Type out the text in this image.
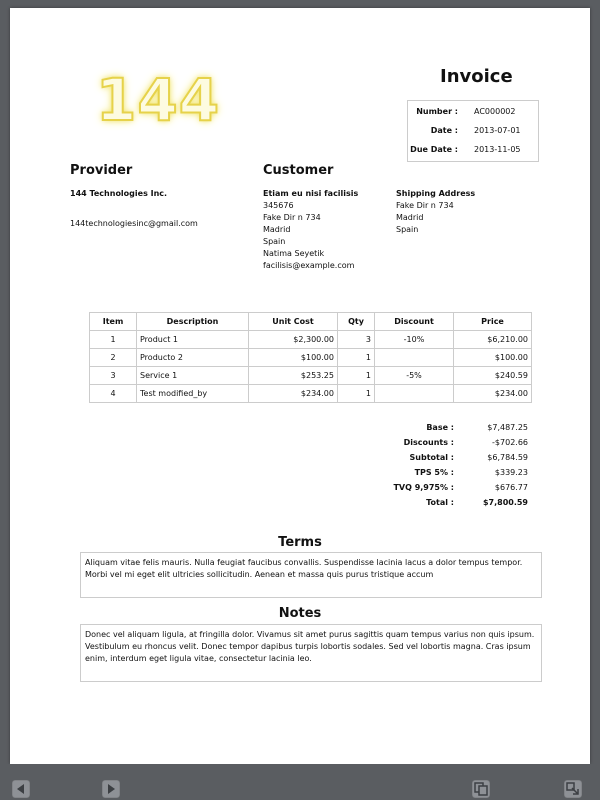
144	Invoice
Number : AC000002
Date : 2013-07-01
Due Date : 2013-11-05
Provider
144 Technologies Inc.
144technologiesinc@gmail.com
Customer
Etiam eu nisi facilisis
345676
Fake Dir n 734
Madrid
Spain
Natima Seyetik
facilisis@example.com
Shipping Address
Fake Dir n 734
Madrid
Spain
Item	Description	Unit Cost	Qty	Discount	Price
1	Product 1	$2,300.00	3	-10%	$6,210.00
2	Producto 2	$100.00	1		$100.00
3	Service 1	$253.25	1	-5%	$240.59
4	Test modified_by	$234.00	1		$234.00
Base :	$7,487.25
Discounts :	-$702.66
Subtotal :	$6,784.59
TPS 5% :	$339.23
TVQ 9,975% :	$676.77
Total :	$7,800.59
Terms
Aliquam vitae felis mauris. Nulla feugiat faucibus convallis. Suspendisse lacinia lacus a dolor tempus tempor. Morbi vel mi eget elit ultricies sollicitudin. Aenean et massa quis purus tristique accum
Notes
Donec vel aliquam ligula, at fringilla dolor. Vivamus sit amet purus sagittis quam tempus varius non quis ipsum. Vestibulum eu rhoncus velit. Donec tempor dapibus turpis lobortis sodales. Sed vel lobortis magna. Cras ipsum enim, interdum eget ligula vitae, consectetur lacinia leo.
